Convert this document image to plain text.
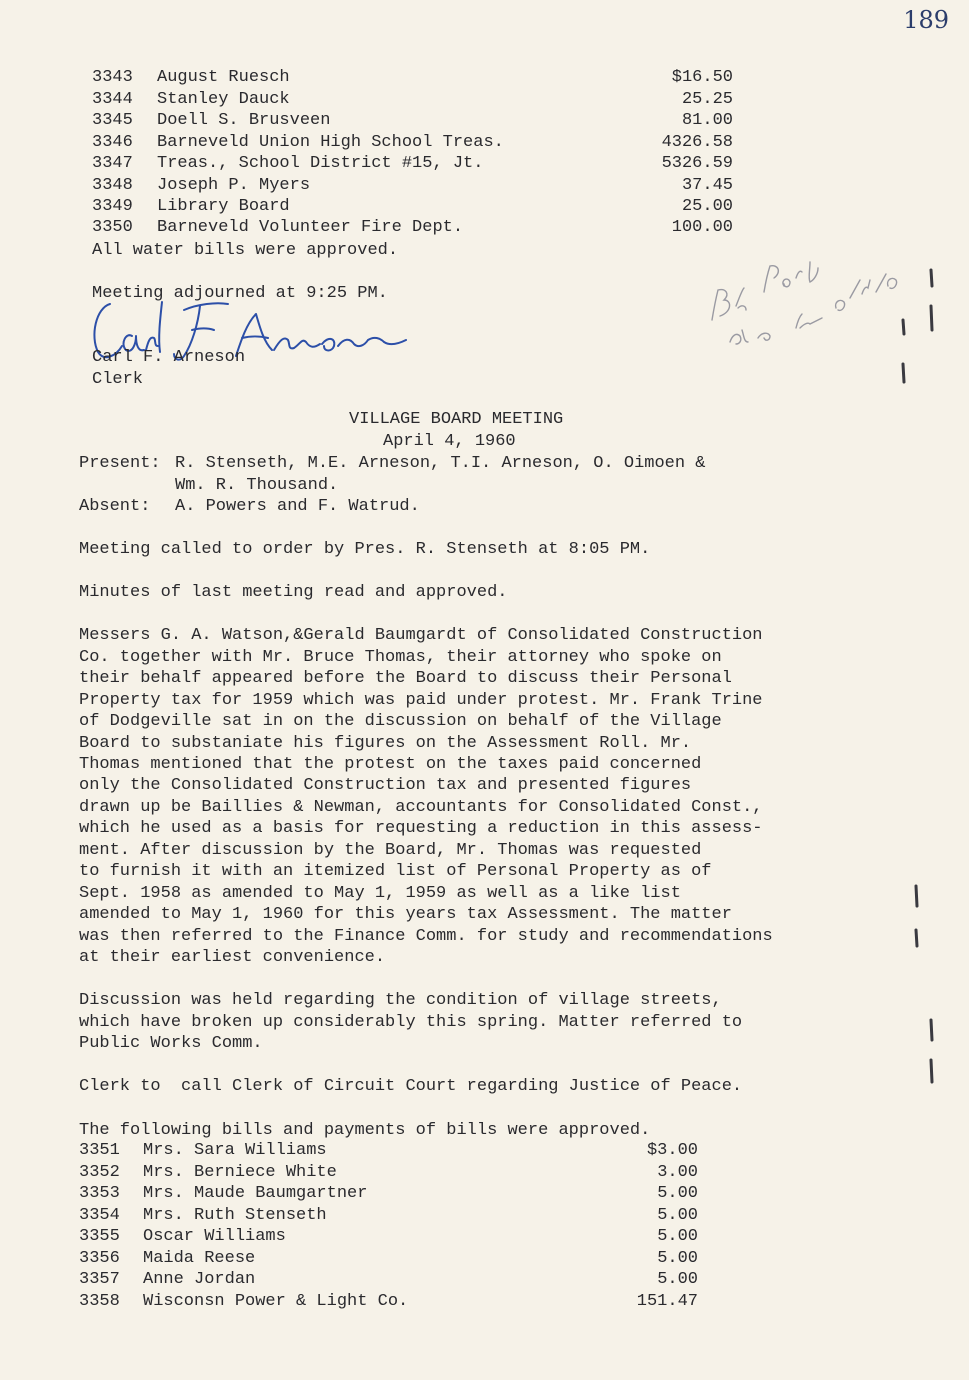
189
3343 August Ruesch	$16.50
3344 Stanley Dauck	25.25
3345 Doell S. Brusveen	81.00
3346 Barneveld Union High School Treas.	4326.58
3347 Treas., School District #15, Jt.	5326.59
3348 Joseph P. Myers	37.45
3349 Library Board	25.00
3350 Barneveld Volunteer Fire Dept.	100.00
All water bills were approved.
Meeting adjourned at 9:25 PM.
Carl F. Arneson
Clerk
VILLAGE BOARD MEETING
April 4, 1960
Present: R. Stenseth, M.E. Arneson, T.I. Arneson, O. Oimoen &
Wm. R. Thousand.
Absent: A. Powers and F. Watrud.
Meeting called to order by Pres. R. Stenseth at 8:05 PM.
Minutes of last meeting read and approved.
Messers G. A. Watson,&Gerald Baumgardt of Consolidated Construction
Co. together with Mr. Bruce Thomas, their attorney who spoke on
their behalf appeared before the Board to discuss their Personal
Property tax for 1959 which was paid under protest. Mr. Frank Trine
of Dodgeville sat in on the discussion on behalf of the Village
Board to substaniate his figures on the Assessment Roll. Mr.
Thomas mentioned that the protest on the taxes paid concerned
only the Consolidated Construction tax and presented figures
drawn up be Baillies & Newman, accountants for Consolidated Const.,
which he used as a basis for requesting a reduction in this assess-
ment. After discussion by the Board, Mr. Thomas was requested
to furnish it with an itemized list of Personal Property as of
Sept. 1958 as amended to May 1, 1959 as well as a like list
amended to May 1, 1960 for this years tax Assessment. The matter
was then referred to the Finance Comm. for study and recommendations
at their earliest convenience.
Discussion was held regarding the condition of village streets,
which have broken up considerably this spring. Matter referred to
Public Works Comm.
Clerk to  call Clerk of Circuit Court regarding Justice of Peace.
The following bills and payments of bills were approved.
3351 Mrs. Sara Williams	$3.00
3352 Mrs. Berniece White	3.00
3353 Mrs. Maude Baumgartner	5.00
3354 Mrs. Ruth Stenseth	5.00
3355 Oscar Williams	5.00
3356 Maida Reese	5.00
3357 Anne Jordan	5.00
3358 Wisconsn Power & Light Co.	151.47
